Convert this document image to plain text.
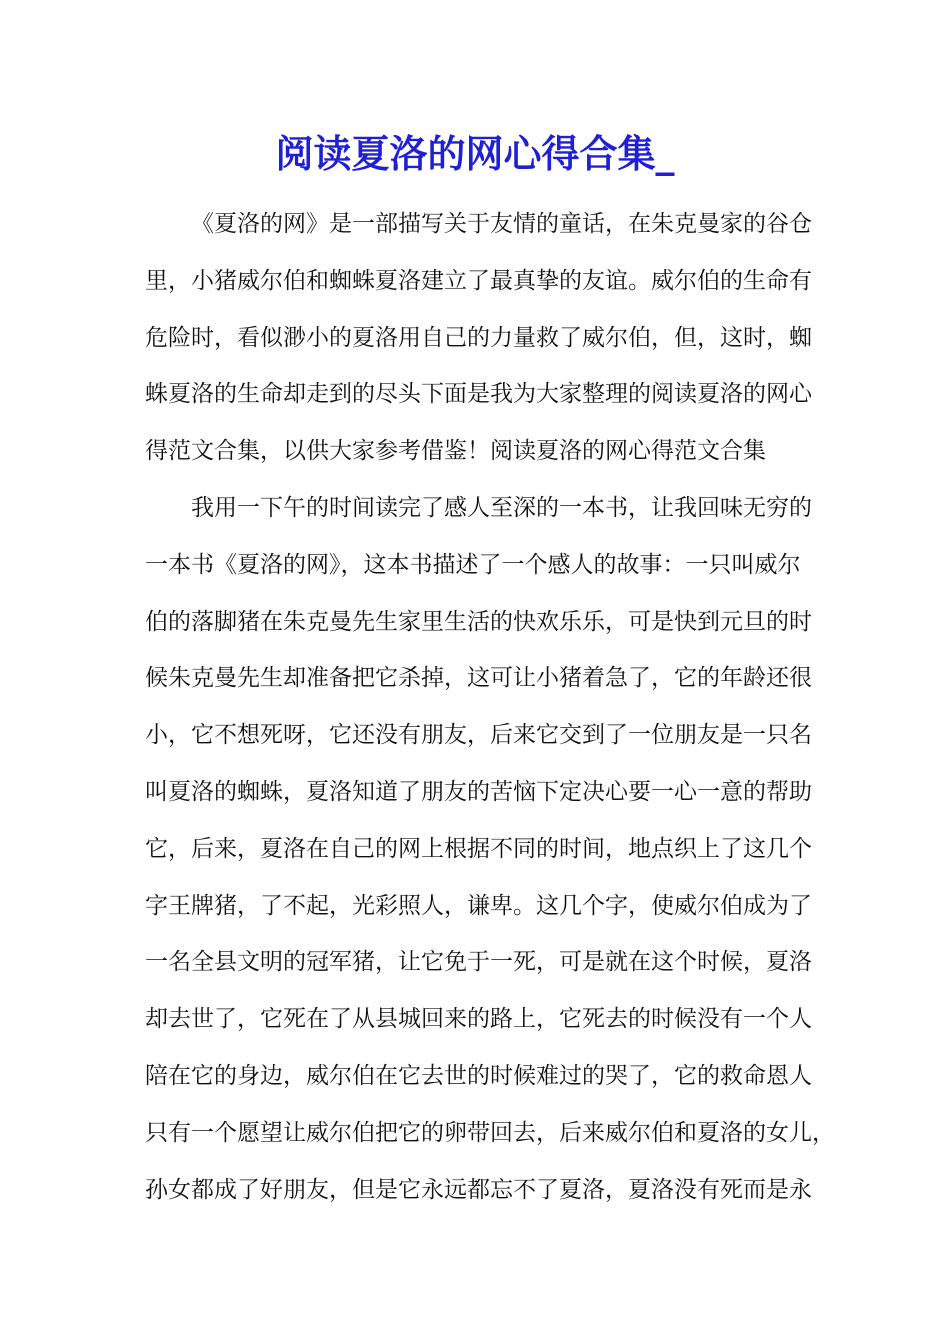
阅读夏洛的网心得合集_
《夏洛的网》是一部描写关于友情的童话，在朱克曼家的谷仓
里，小猪威尔伯和蜘蛛夏洛建立了最真挚的友谊。威尔伯的生命有
危险时，看似渺小的夏洛用自己的力量救了威尔伯，但，这时，蜘
蛛夏洛的生命却走到的尽头下面是我为大家整理的阅读夏洛的网心
得范文合集，以供大家参考借鉴！阅读夏洛的网心得范文合集
我用一下午的时间读完了感人至深的一本书，让我回味无穷的
一本书《夏洛的网》，这本书描述了一个感人的故事：一只叫威尔
伯的落脚猪在朱克曼先生家里生活的快欢乐乐，可是快到元旦的时
候朱克曼先生却准备把它杀掉，这可让小猪着急了，它的年龄还很
小，它不想死呀，它还没有朋友，后来它交到了一位朋友是一只名
叫夏洛的蜘蛛，夏洛知道了朋友的苦恼下定决心要一心一意的帮助
它，后来，夏洛在自己的网上根据不同的时间，地点织上了这几个
字王牌猪，了不起，光彩照人，谦卑。这几个字，使威尔伯成为了
一名全县文明的冠军猪，让它免于一死，可是就在这个时候，夏洛
却去世了，它死在了从县城回来的路上，它死去的时候没有一个人
陪在它的身边，威尔伯在它去世的时候难过的哭了，它的救命恩人
只有一个愿望让威尔伯把它的卵带回去，后来威尔伯和夏洛的女儿，
孙女都成了好朋友，但是它永远都忘不了夏洛，夏洛没有死而是永
